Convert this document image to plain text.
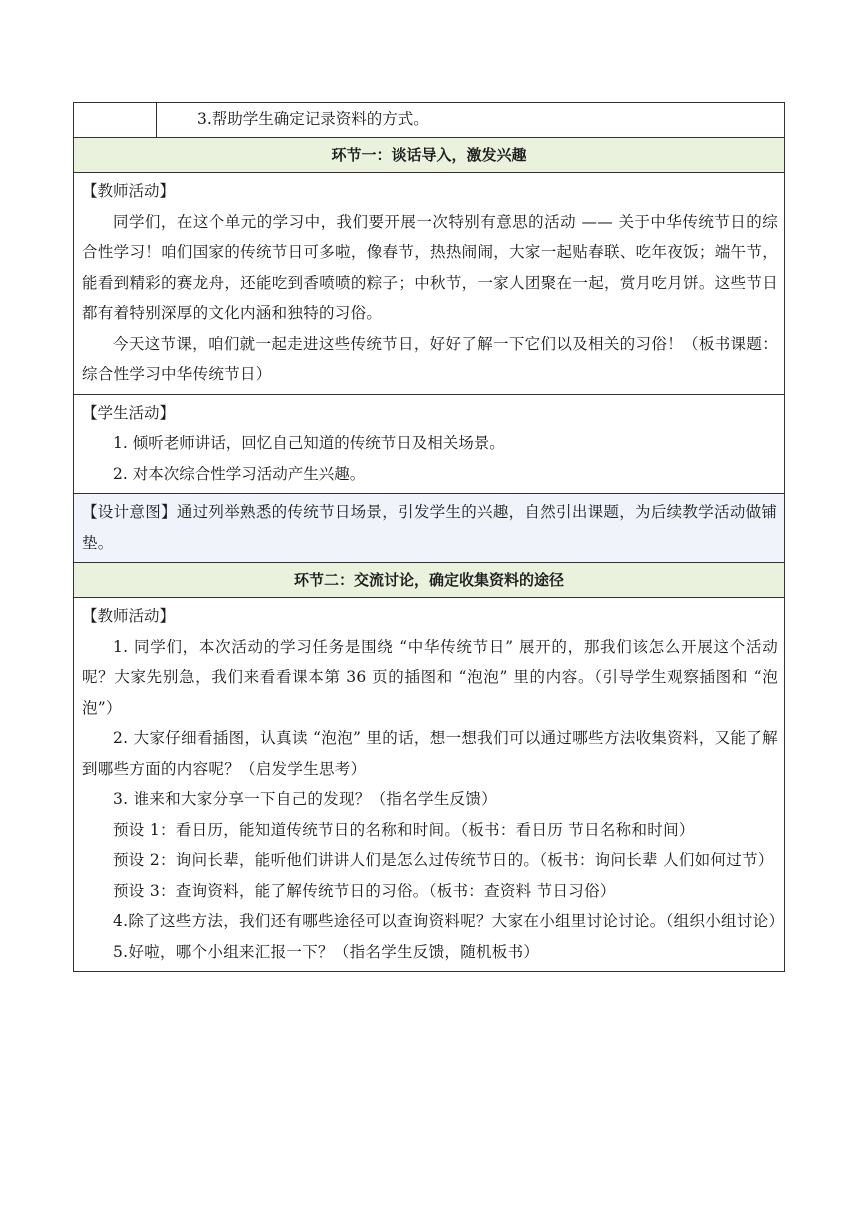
	3.帮助学生确定记录资料的方式。
环节一：谈话导入，激发兴趣

【教师活动】

同学们，在这个单元的学习中，我们要开展一次特别有意思的活动 —— 关于中华传统节日的综合性学习！咱们国家的传统节日可多啦，像春节，热热闹闹，大家一起贴春联、吃年夜饭；端午节，能看到精彩的赛龙舟，还能吃到香喷喷的粽子；中秋节，一家人团聚在一起，赏月吃月饼。这些节日都有着特别深厚的文化内涵和独特的习俗。

今天这节课，咱们就一起走进这些传统节日，好好了解一下它们以及相关的习俗！（板书课题：综合性学习中华传统节日）

【学生活动】
1. 倾听老师讲话，回忆自己知道的传统节日及相关场景。
2. 对本次综合性学习活动产生兴趣。

【设计意图】通过列举熟悉的传统节日场景，引发学生的兴趣，自然引出课题，为后续教学活动做铺垫。

环节二：交流讨论，确定收集资料的途径

【教师活动】

1. 同学们，本次活动的学习任务是围绕 “中华传统节日” 展开的，那我们该怎么开展这个活动呢？大家先别急，我们来看看课本第 36 页的插图和 “泡泡” 里的内容。（引导学生观察插图和 “泡泡”）

2. 大家仔细看插图，认真读 “泡泡” 里的话，想一想我们可以通过哪些方法收集资料，又能了解到哪些方面的内容呢？（启发学生思考）

3. 谁来和大家分享一下自己的发现？（指名学生反馈）

预设 1：看日历，能知道传统节日的名称和时间。（板书：看日历 节日名称和时间）

预设 2：询问长辈，能听他们讲讲人们是怎么过传统节日的。（板书：询问长辈 人们如何过节）

预设 3：查询资料，能了解传统节日的习俗。（板书：查资料 节日习俗）

4.除了这些方法，我们还有哪些途径可以查询资料呢？大家在小组里讨论讨论。（组织小组讨论）

5.好啦，哪个小组来汇报一下？（指名学生反馈，随机板书）
